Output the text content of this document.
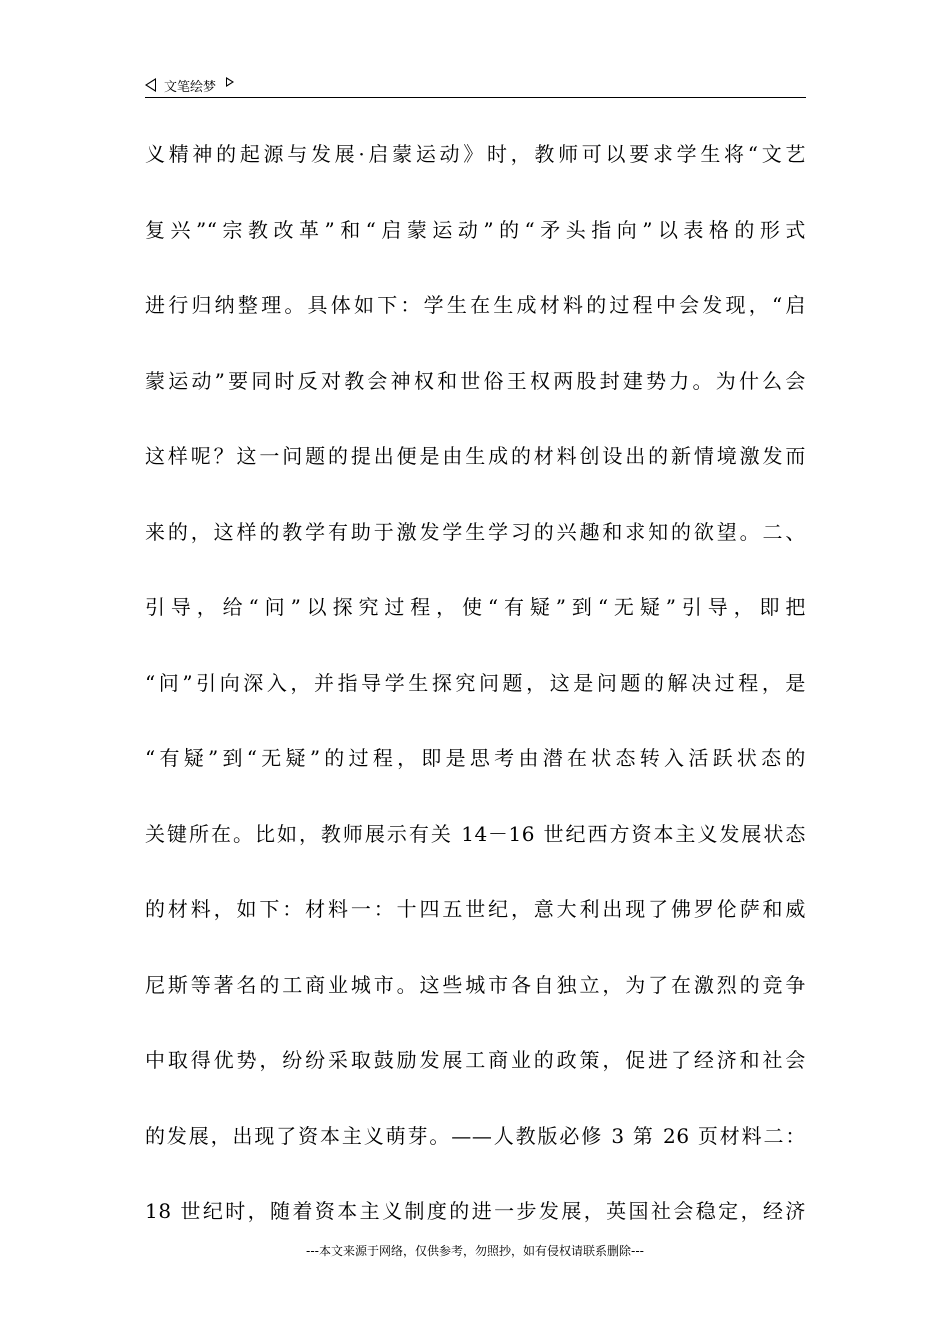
文笔绘梦
义精神的起源与发展·启蒙运动》时，教师可以要求学生将“文艺
复兴”“宗教改革”和“启蒙运动”的“矛头指向”以表格的形式
进行归纳整理。具体如下：学生在生成材料的过程中会发现，“启
蒙运动”要同时反对教会神权和世俗王权两股封建势力。为什么会
这样呢？这一问题的提出便是由生成的材料创设出的新情境激发而
来的，这样的教学有助于激发学生学习的兴趣和求知的欲望。二、
引导，给“问”以探究过程，使“有疑”到“无疑”引导，即把
“问”引向深入，并指导学生探究问题，这是问题的解决过程，是
“有疑”到“无疑”的过程，即是思考由潜在状态转入活跃状态的
关键所在。比如，教师展示有关 14－16 世纪西方资本主义发展状态
的材料，如下：材料一：十四五世纪，意大利出现了佛罗伦萨和威
尼斯等著名的工商业城市。这些城市各自独立，为了在激烈的竞争
中取得优势，纷纷采取鼓励发展工商业的政策，促进了经济和社会
的发展，出现了资本主义萌芽。——人教版必修 3 第 26 页材料二：
18 世纪时，随着资本主义制度的进一步发展，英国社会稳定，经济
---本文来源于网络，仅供参考，勿照抄，如有侵权请联系删除---
